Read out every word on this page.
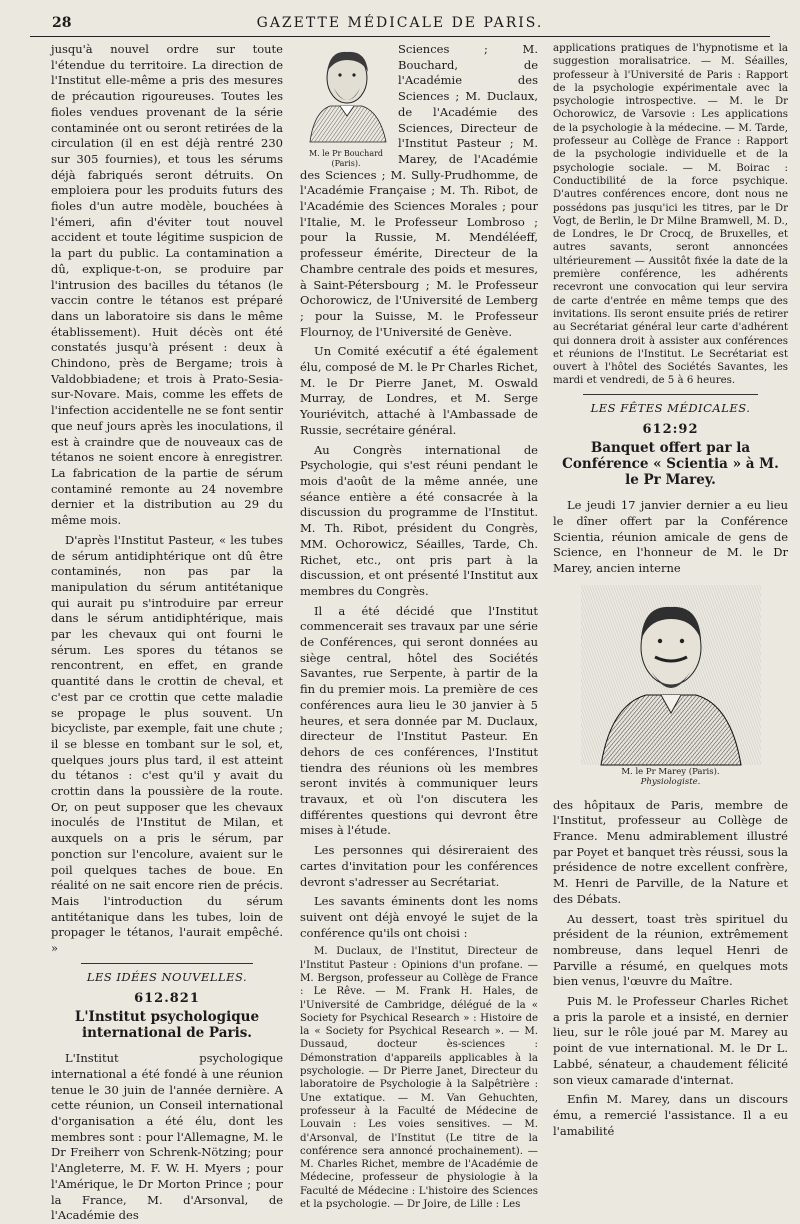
28	GAZETTE MÉDICALE DE PARIS.

jusqu'à nouvel ordre sur toute l'étendue du territoire. La direction de l'Institut elle-même a pris des mesures de précaution rigoureuses. Toutes les fioles vendues provenant de la série contaminée ont ou seront retirées de la circulation (il en est déjà rentré 230 sur 305 fournies), et tous les sérums déjà fabriqués seront détruits. On emploiera pour les produits futurs des fioles d'un autre modèle, bouchées à l'émeri, afin d'éviter tout nouvel accident et toute légitime suspicion de la part du public. La contamination a dû, explique-t-on, se produire par l'intrusion des bacilles du tétanos (le vaccin contre le tétanos est préparé dans un laboratoire sis dans le même établissement). Huit décès ont été constatés jusqu'à présent : deux à Chindono, près de Bergame; trois à Valdobbiadene; et trois à Prato-Sesia-sur-Novare. Mais, comme les effets de l'infection accidentelle ne se font sentir que neuf jours après les inoculations, il est à craindre que de nouveaux cas de tétanos ne soient encore à enregistrer. La fabrication de la partie de sérum contaminé remonte au 24 novembre dernier et la distribution au 29 du même mois.

D'après l'Institut Pasteur, « les tubes de sérum antidiphtérique ont dû être contaminés, non pas par la manipulation du sérum antitétanique qui aurait pu s'introduire par erreur dans le sérum antidiphtérique, mais par les chevaux qui ont fourni le sérum. Les spores du tétanos se rencontrent, en effet, en grande quantité dans le crottin de cheval, et c'est par ce crottin que cette maladie se propage le plus souvent. Un bicycliste, par exemple, fait une chute ; il se blesse en tombant sur le sol, et, quelques jours plus tard, il est atteint du tétanos : c'est qu'il y avait du crottin dans la poussière de la route. Or, on peut supposer que les chevaux inoculés de l'Institut de Milan, et auxquels on a pris le sérum, par ponction sur l'encolure, avaient sur le poil quelques taches de boue. En réalité on ne sait encore rien de précis. Mais l'introduction du sérum antitétanique dans les tubes, loin de propager le tétanos, l'aurait empêché. »

LES IDÉES NOUVELLES.
612.821
L'Institut psychologique international de Paris.

L'Institut psychologique international a été fondé à une réunion tenue le 30 juin de l'année dernière. A cette réunion, un Conseil international d'organisation a été élu, dont les membres sont : pour l'Allemagne, M. le Dr Freiherr von Schrenk-Nötzing; pour l'Angleterre, M. F. W. H. Myers ; pour l'Amérique, le Dr Morton Prince ; pour la France, M. d'Arsonval, de l'Académie des

M. le Pr Bouchard (Paris).

Sciences ; M. Bouchard, de l'Académie des Sciences ; M. Duclaux, de l'Académie des Sciences, Directeur de l'Institut Pasteur ; M. Marey, de l'Académie des Sciences ; M. Sully-Prudhomme, de l'Académie Française ; M. Th. Ribot, de l'Académie des Sciences Morales ; pour l'Italie, M. le Professeur Lombroso ; pour la Russie, M. Mendéléeff, professeur émérite, Directeur de la Chambre centrale des poids et mesures, à Saint-Pétersbourg ; M. le Professeur Ochorowicz, de l'Université de Lemberg ; pour la Suisse, M. le Professeur Flournoy, de l'Université de Genève.

Un Comité exécutif a été également élu, composé de M. le Pr Charles Richet, M. le Dr Pierre Janet, M. Oswald Murray, de Londres, et M. Serge Youriévitch, attaché à l'Ambassade de Russie, secrétaire général.

Au Congrès international de Psychologie, qui s'est réuni pendant le mois d'août de la même année, une séance entière a été consacrée à la discussion du programme de l'Institut. M. Th. Ribot, président du Congrès, MM. Ochorowicz, Séailles, Tarde, Ch. Richet, etc., ont pris part à la discussion, et ont présenté l'Institut aux membres du Congrès.

Il a été décidé que l'Institut commencerait ses travaux par une série de Conférences, qui seront données au siège central, hôtel des Sociétés Savantes, rue Serpente, à partir de la fin du premier mois. La première de ces conférences aura lieu le 30 janvier à 5 heures, et sera donnée par M. Duclaux, directeur de l'Institut Pasteur. En dehors de ces conférences, l'Institut tiendra des réunions où les membres seront invités à communiquer leurs travaux, et où l'on discutera les différentes questions qui devront être mises à l'étude.

Les personnes qui désireraient des cartes d'invitation pour les conférences devront s'adresser au Secrétariat.

Les savants éminents dont les noms suivent ont déjà envoyé le sujet de la conférence qu'ils ont choisi :

M. Duclaux, de l'Institut, Directeur de l'Institut Pasteur : Opinions d'un profane. — M. Bergson, professeur au Collège de France : Le Rêve. — M. Frank H. Hales, de l'Université de Cambridge, délégué de la « Society for Psychical Research » : Histoire de la « Society for Psychical Research ». — M. Dussaud, docteur ès-sciences : Démonstration d'appareils applicables à la psychologie. — Dr Pierre Janet, Directeur du laboratoire de Psychologie à la Salpêtrière : Une extatique. — M. Van Gehuchten, professeur à la Faculté de Médecine de Louvain : Les voies sensitives. — M. d'Arsonval, de l'Institut (Le titre de la conférence sera annoncé prochainement). — M. Charles Richet, membre de l'Académie de Médecine, professeur de physiologie à la Faculté de Médecine : L'histoire des Sciences et la psychologie. — Dr Joire, de Lille : Les

applications pratiques de l'hypnotisme et la suggestion moralisatrice. — M. Séailles, professeur à l'Université de Paris : Rapport de la psychologie expérimentale avec la psychologie introspective. — M. le Dr Ochorowicz, de Varsovie : Les applications de la psychologie à la médecine. — M. Tarde, professeur au Collège de France : Rapport de la psychologie individuelle et de la psychologie sociale. — M. Boirac : Conductibilité de la force psychique. D'autres conférences encore, dont nous ne possédons pas jusqu'ici les titres, par le Dr Vogt, de Berlin, le Dr Milne Bramwell, M. D., de Londres, le Dr Crocq, de Bruxelles, et autres savants, seront annoncées ultérieurement — Aussitôt fixée la date de la première conférence, les adhérents recevront une convocation qui leur servira de carte d'entrée en même temps que des invitations. Ils seront ensuite priés de retirer au Secrétariat général leur carte d'adhérent qui donnera droit à assister aux conférences et réunions de l'Institut. Le Secrétariat est ouvert à l'hôtel des Sociétés Savantes, les mardi et vendredi, de 5 à 6 heures.

LES FÊTES MÉDICALES.
612:92
Banquet offert par la Conférence « Scientia » à M. le Pr Marey.

Le jeudi 17 janvier dernier a eu lieu le dîner offert par la Conférence Scientia, réunion amicale de gens de Science, en l'honneur de M. le Dr Marey, ancien interne

M. le Pr Marey (Paris).
Physiologiste.

des hôpitaux de Paris, membre de l'Institut, professeur au Collège de France. Menu admirablement illustré par Poyet et banquet très réussi, sous la présidence de notre excellent confrère, M. Henri de Parville, de la Nature et des Débats.

Au dessert, toast très spirituel du président de la réunion, extrêmement nombreuse, dans lequel Henri de Parville a résumé, en quelques mots bien venus, l'œuvre du Maître.

Puis M. le Professeur Charles Richet a pris la parole et a insisté, en dernier lieu, sur le rôle joué par M. Marey au point de vue international. M. le Dr L. Labbé, sénateur, a chaudement félicité son vieux camarade d'internat.

Enfin M. Marey, dans un discours ému, a remercié l'assistance. Il a eu l'amabilité
